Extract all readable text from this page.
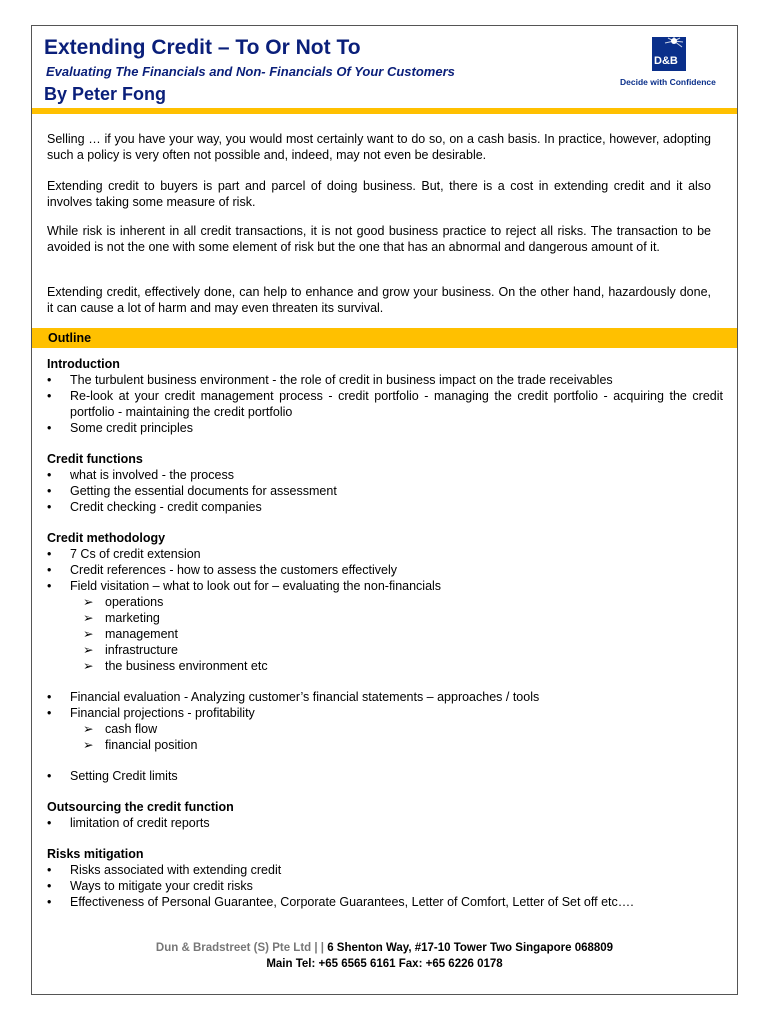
Extending Credit – To Or Not To
Evaluating The Financials and Non- Financials Of Your Customers
By Peter Fong
D&B
Decide with Confidence

Selling … if you have your way, you would most certainly want to do so, on a cash basis. In practice, however, adopting such a policy is very often not possible and, indeed, may not even be desirable.

Extending credit to buyers is part and parcel of doing business. But, there is a cost in extending credit and it also involves taking some measure of risk.

While risk is inherent in all credit transactions, it is not good business practice to reject all risks. The transaction to be avoided is not the one with some element of risk but the one that has an abnormal and dangerous amount of it.

Extending credit, effectively done, can help to enhance and grow your business. On the other hand, hazardously done, it can cause a lot of harm and may even threaten its survival.

Outline

Introduction

• The turbulent business environment - the role of credit in business impact on the trade receivables
• Re-look at your credit management process - credit portfolio - managing the credit portfolio - acquiring the credit portfolio - maintaining the credit portfolio
• Some credit principles

Credit functions

• what is involved - the process
• Getting the essential documents for assessment
• Credit checking - credit companies

Credit methodology

• 7 Cs of credit extension
• Credit references - how to assess the customers effectively
• Field visitation – what to look out for – evaluating the non-financials
➢ operations
➢ marketing
➢ management
➢ infrastructure
➢ the business environment etc
• Financial evaluation - Analyzing customer’s financial statements – approaches / tools
• Financial projections - profitability
➢ cash flow
➢ financial position
• Setting Credit limits

Outsourcing the credit function

• limitation of credit reports

Risks mitigation

• Risks associated with extending credit
• Ways to mitigate your credit risks
• Effectiveness of Personal Guarantee, Corporate Guarantees, Letter of Comfort, Letter of Set off etc….
Dun & Bradstreet (S) Pte Ltd | | 6 Shenton Way, #17-10 Tower Two Singapore 068809
Main Tel: +65 6565 6161 Fax: +65 6226 0178
